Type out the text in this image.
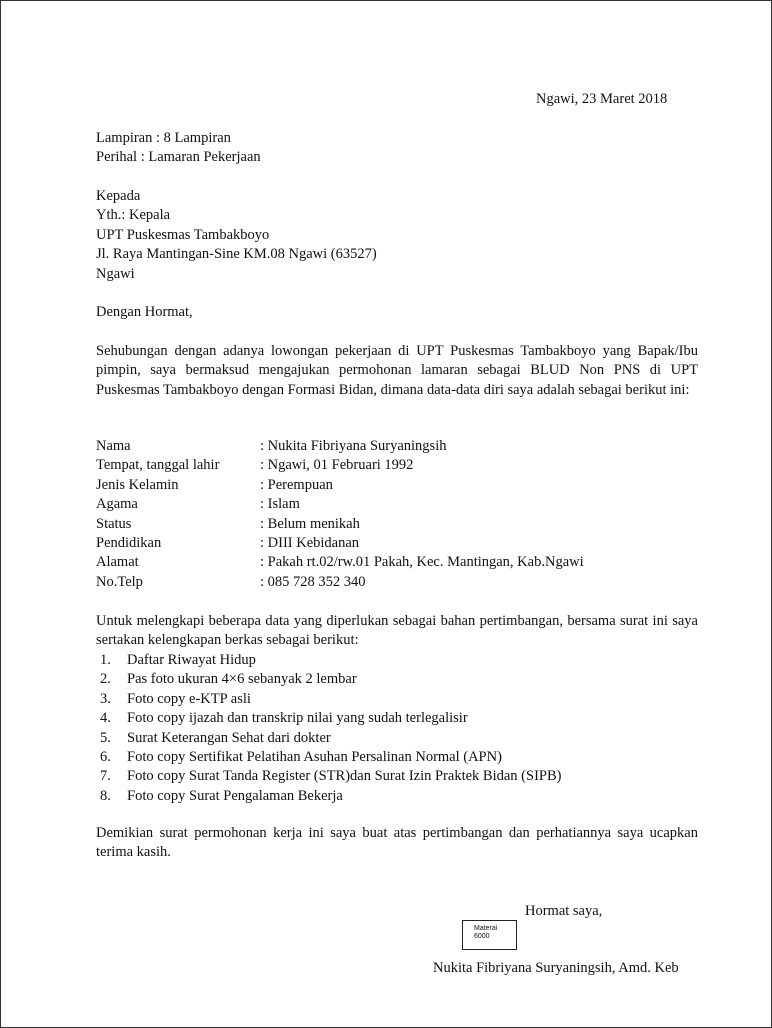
Ngawi, 23 Maret 2018
Lampiran : 8 Lampiran
Perihal : Lamaran Pekerjaan
Kepada
Yth.: Kepala
UPT Puskesmas Tambakboyo
Jl. Raya Mantingan-Sine KM.08 Ngawi (63527)
Ngawi
Dengan Hormat,
Sehubungan dengan adanya lowongan pekerjaan di UPT Puskesmas Tambakboyo yang Bapak/Ibu pimpin, saya bermaksud mengajukan permohonan lamaran sebagai BLUD Non PNS di UPT Puskesmas Tambakboyo dengan Formasi Bidan, dimana data-data diri saya adalah sebagai berikut ini:
Nama	: Nukita Fibriyana Suryaningsih
Tempat, tanggal lahir	: Ngawi, 01 Februari 1992
Jenis Kelamin	: Perempuan
Agama	: Islam
Status	: Belum menikah
Pendidikan	: DIII Kebidanan
Alamat	: Pakah rt.02/rw.01 Pakah, Kec. Mantingan, Kab.Ngawi
No.Telp	: 085 728 352 340
Untuk melengkapi beberapa data yang diperlukan sebagai bahan pertimbangan, bersama surat ini saya sertakan kelengkapan berkas sebagai berikut:
1. Daftar Riwayat Hidup
2. Pas foto ukuran 4×6 sebanyak 2 lembar
3. Foto copy e-KTP asli
4. Foto copy ijazah dan transkrip nilai yang sudah terlegalisir
5. Surat Keterangan Sehat dari dokter
6. Foto copy Sertifikat Pelatihan Asuhan Persalinan Normal (APN)
7. Foto copy Surat Tanda Register (STR)dan Surat Izin Praktek Bidan (SIPB)
8. Foto copy Surat Pengalaman Bekerja
Demikian surat permohonan kerja ini saya buat atas pertimbangan dan perhatiannya saya ucapkan terima kasih.
Hormat saya,
Materai
6000
Nukita Fibriyana Suryaningsih, Amd. Keb
